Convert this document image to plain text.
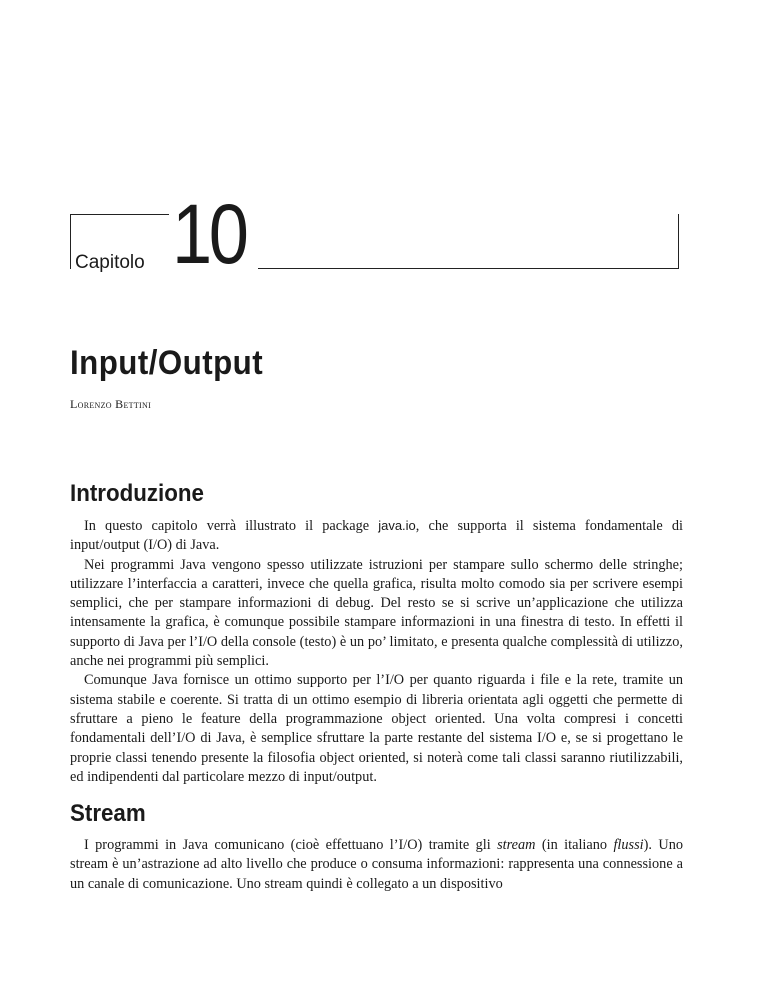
Capitolo 10
Input/Output
Lorenzo Bettini
Introduzione

In questo capitolo verrà illustrato il package java.io, che supporta il sistema fondamentale di input/output (I/O) di Java.

Nei programmi Java vengono spesso utilizzate istruzioni per stampare sullo schermo delle stringhe; utilizzare l’interfaccia a caratteri, invece che quella grafica, risulta molto comodo sia per scrivere esempi semplici, che per stampare informazioni di debug. Del resto se si scrive un’applicazione che utilizza intensamente la grafica, è comunque possibile stampare informazioni in una finestra di testo. In effetti il supporto di Java per l’I/O della console (testo) è un po’ limitato, e presenta qualche complessità di utilizzo, anche nei programmi più semplici.

Comunque Java fornisce un ottimo supporto per l’I/O per quanto riguarda i file e la rete, tramite un sistema stabile e coerente. Si tratta di un ottimo esempio di libreria orientata agli oggetti che permette di sfruttare a pieno le feature della programmazione object oriented. Una volta compresi i concetti fondamentali dell’I/O di Java, è semplice sfruttare la parte restante del sistema I/O e, se si progettano le proprie classi tenendo presente la filosofia object oriented, si noterà come tali classi saranno riutilizzabili, ed indipendenti dal particolare mezzo di input/output.

Stream

I programmi in Java comunicano (cioè effettuano l’I/O) tramite gli stream (in italiano flussi). Uno stream è un’astrazione ad alto livello che produce o consuma informazioni: rappresenta una connessione a un canale di comunicazione. Uno stream quindi è collegato a un dispositivo
